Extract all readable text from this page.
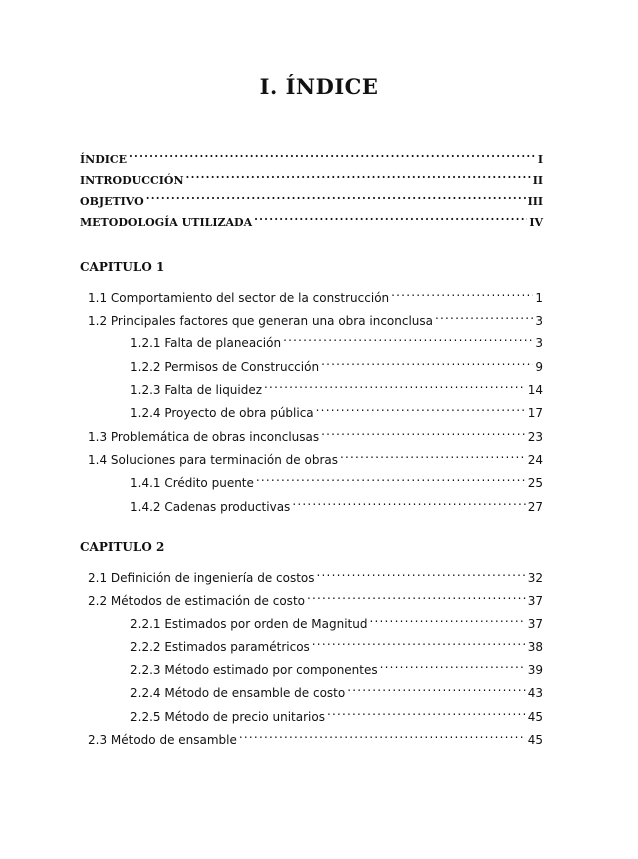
I. ÍNDICE
ÍNDICE .....	I
INTRODUCCIÓN .....	II
OBJETIVO .....	III
METODOLOGÍA UTILIZADA .....	IV
CAPITULO 1
1.1 Comportamiento del sector de la construcción .....	1
1.2 Principales factores que generan una obra inconclusa .....	3
1.2.1 Falta de planeación .....	3
1.2.2 Permisos de Construcción .....	9
1.2.3 Falta de liquidez .....	14
1.2.4 Proyecto de obra pública .....	17
1.3 Problemática de obras inconclusas .....	23
1.4 Soluciones para terminación de obras .....	24
1.4.1 Crédito puente .....	25
1.4.2 Cadenas productivas .....	27
CAPITULO 2
2.1 Definición de ingeniería de costos .....	32
2.2 Métodos de estimación de costo .....	37
2.2.1 Estimados por orden de Magnitud .....	37
2.2.2 Estimados paramétricos .....	38
2.2.3 Método estimado por componentes .....	39
2.2.4 Método de ensamble de costo .....	43
2.2.5 Método de precio unitarios .....	45
2.3 Método de ensamble .....	45
